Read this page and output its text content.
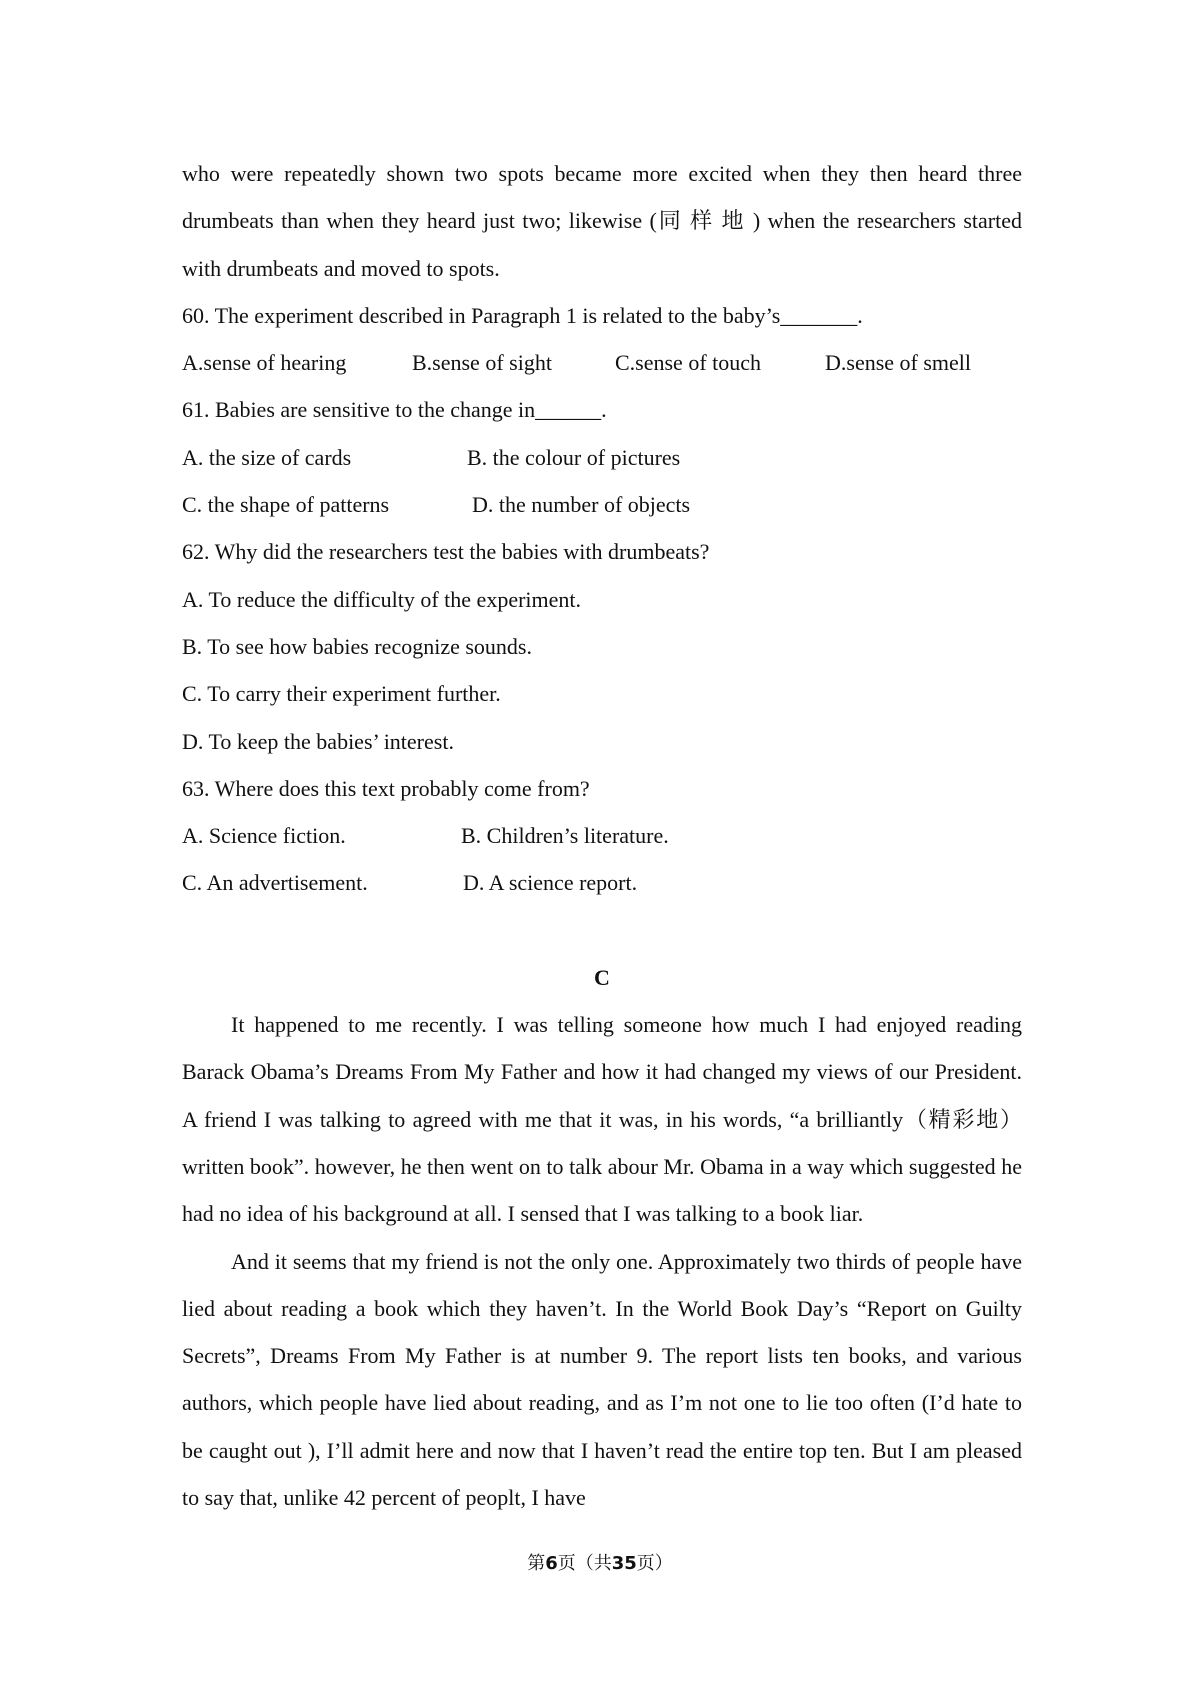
who were repeatedly shown two spots became more excited when they then heard three drumbeats than when they heard just two; likewise (同 样 地 ) when the researchers started with drumbeats and moved to spots.

60. The experiment described in Paragraph 1 is related to the baby’s_______.

A.sense of hearing	B.sense of sight	C.sense of touch	D.sense of smell

61. Babies are sensitive to the change in______.

A. the size of cards	B. the colour of pictures

C. the shape of patterns	D. the number of objects

62. Why did the researchers test the babies with drumbeats?

A. To reduce the difficulty of the experiment.

B. To see how babies recognize sounds.

C. To carry their experiment further.

D. To keep the babies’ interest.

63. Where does this text probably come from?

A. Science fiction.	B. Children’s literature.

C. An advertisement.	D. A science report.

C

It happened to me recently. I was telling someone how much I had enjoyed reading Barack Obama’s Dreams From My Father and how it had changed my views of our President. A friend I was talking to agreed with me that it was, in his words, “a brilliantly（精彩地） written book”. however, he then went on to talk abour Mr. Obama in a way which suggested he had no idea of his background at all. I sensed that I was talking to a book liar.

And it seems that my friend is not the only one. Approximately two thirds of people have lied about reading a book which they haven’t. In the World Book Day’s “Report on Guilty Secrets”, Dreams From My Father is at number 9. The report lists ten books, and various authors, which people have lied about reading, and as I’m not one to lie too often (I’d hate to be caught out ), I’ll admit here and now that I haven’t read the entire top ten. But I am pleased to say that, unlike 42 percent of peoplt, I have

第6页（共35页）
